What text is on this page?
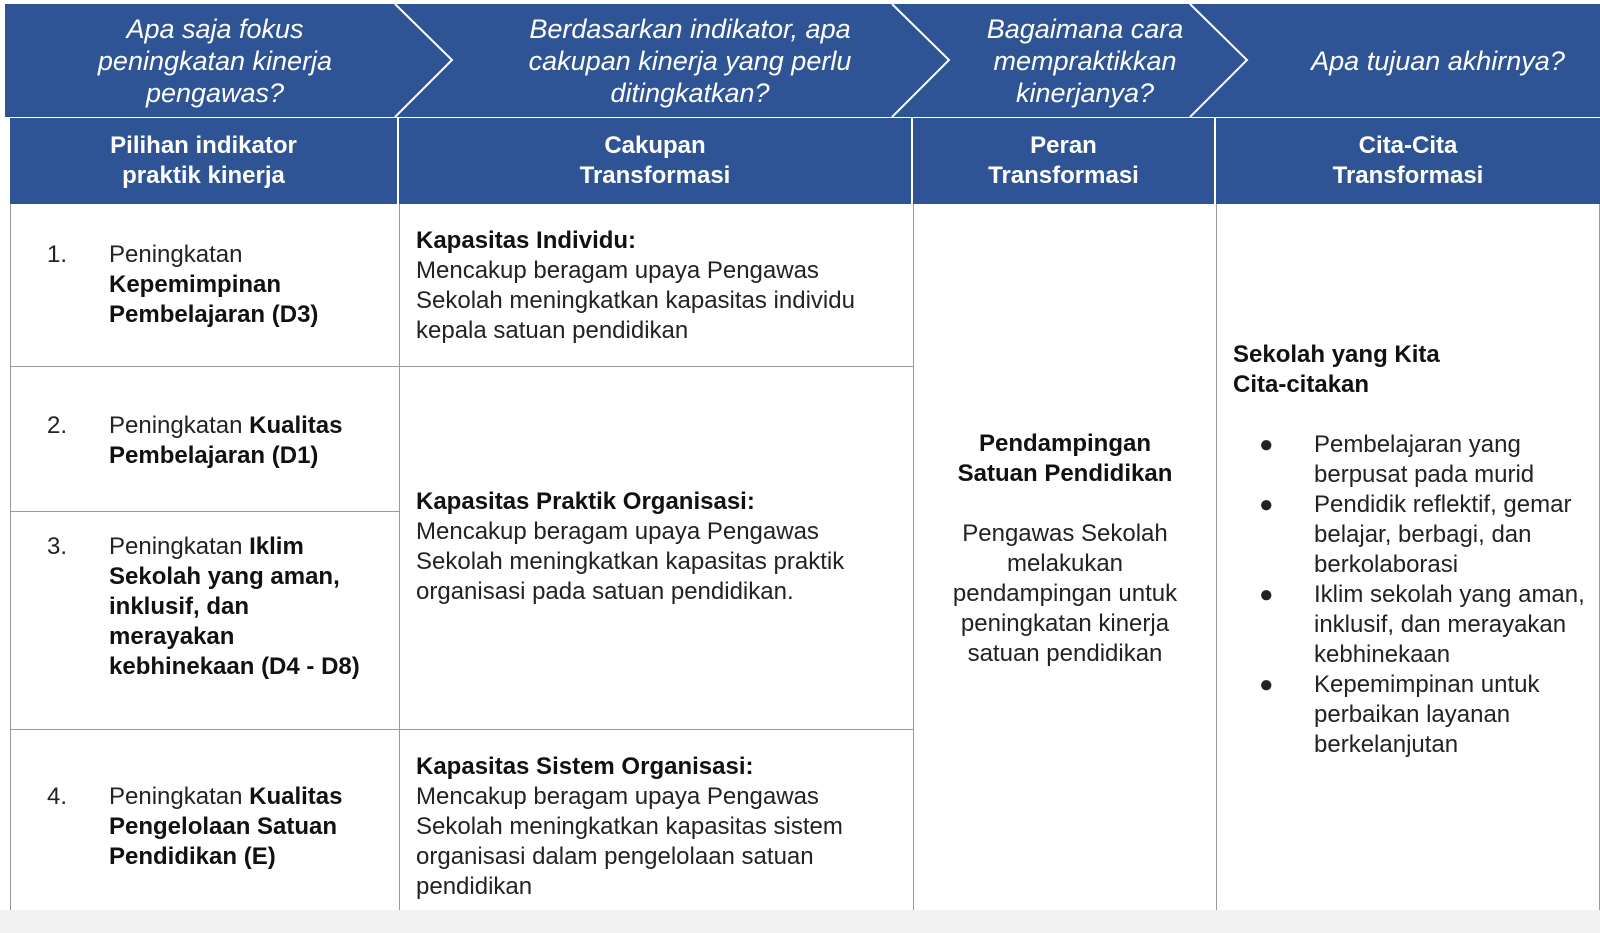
Apa saja fokus peningkatan kinerja pengawas?
Berdasarkan indikator, apa cakupan kinerja yang perlu ditingkatkan?
Bagaimana cara mempraktikkan kinerjanya?
Apa tujuan akhirnya?
Pilihan indikator praktik kinerja
Cakupan Transformasi
Peran Transformasi
Cita-Cita Transformasi
1. Peningkatan Kepemimpinan Pembelajaran (D3)
2. Peningkatan Kualitas Pembelajaran (D1)
3. Peningkatan Iklim Sekolah yang aman, inklusif, dan merayakan kebhinekaan (D4 - D8)
4. Peningkatan Kualitas Pengelolaan Satuan Pendidikan (E)
Kapasitas Individu:
Mencakup beragam upaya Pengawas Sekolah meningkatkan kapasitas individu kepala satuan pendidikan
Kapasitas Praktik Organisasi:
Mencakup beragam upaya Pengawas Sekolah meningkatkan kapasitas praktik organisasi pada satuan pendidikan.
Kapasitas Sistem Organisasi:
Mencakup beragam upaya Pengawas Sekolah meningkatkan kapasitas sistem organisasi dalam pengelolaan satuan pendidikan
Pendampingan Satuan Pendidikan
Pengawas Sekolah melakukan pendampingan untuk peningkatan kinerja satuan pendidikan
Sekolah yang Kita Cita-citakan
● Pembelajaran yang berpusat pada murid
● Pendidik reflektif, gemar belajar, berbagi, dan berkolaborasi
● Iklim sekolah yang aman, inklusif, dan merayakan kebhinekaan
● Kepemimpinan untuk perbaikan layanan berkelanjutan
